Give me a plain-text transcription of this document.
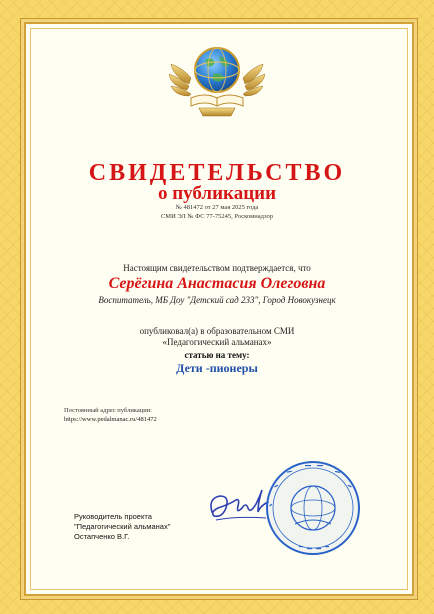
СВИДЕТЕЛЬСТВО
о публикации
№ 481472 от 27 мая 2025 года
СМИ ЭЛ № ФС 77-75245, Роскомнадзор
Настоящим свидетельством подтверждается, что
Серёгина Анастасия Олеговна
Воспитатель, МБ Доу "Детский сад 233", Город Новокузнецк
опубликовал(а) в образовательном СМИ
«Педагогический альманах»
статью на тему:
Дети -пионеры
Постоянный адрес публикации:
https://www.pedalmanac.ru/481472
Руководитель проекта
"Педагогический альманах"
Остапченко В.Г.
